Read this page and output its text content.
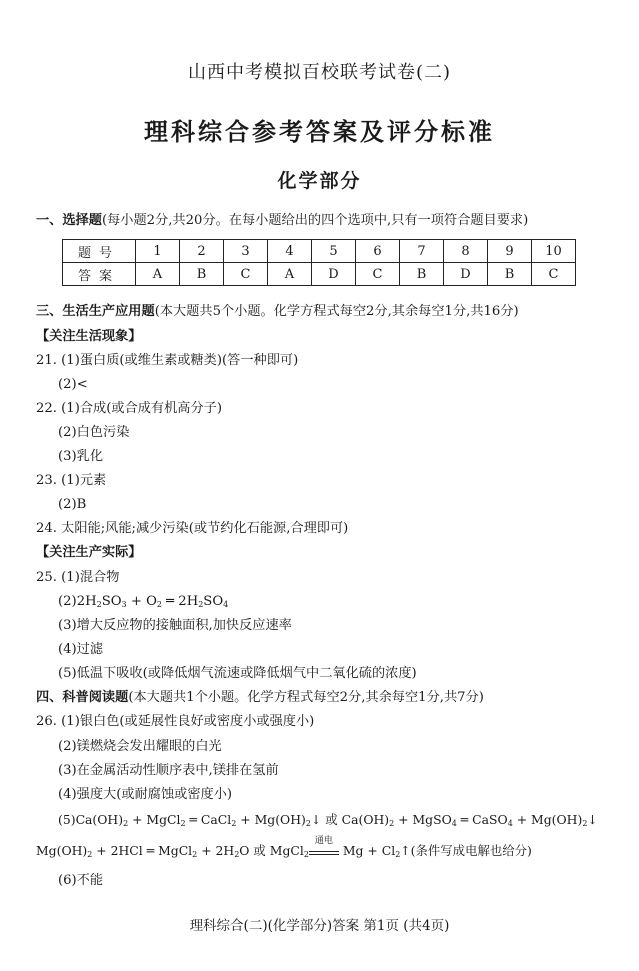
山西中考模拟百校联考试卷(二)
理科综合参考答案及评分标准
化学部分
一、选择题(每小题2分,共20分。在每小题给出的四个选项中,只有一项符合题目要求)
题号	1	2	3	4	5	6	7	8	9	10
答案	A	B	C	A	D	C	B	D	B	C
三、生活生产应用题(本大题共5个小题。化学方程式每空2分,其余每空1分,共16分)
【关注生活现象】
21. (1)蛋白质(或维生素或糖类)(答一种即可)
(2)<
22. (1)合成(或合成有机高分子)
(2)白色污染
(3)乳化
23. (1)元素
(2)B
24. 太阳能;风能;减少污染(或节约化石能源,合理即可)
【关注生产实际】
25. (1)混合物
$(2)2H_2SO_3 + O_2$ ═ $2H_2SO_4$
(3)增大反应物的接触面积,加快反应速率
(4)过滤
(5)低温下吸收(或降低烟气流速或降低烟气中二氧化硫的浓度)
四、科普阅读题(本大题共1个小题。化学方程式每空2分,其余每空1分,共7分)
26. (1)银白色(或延展性良好或密度小或强度小)
(2)镁燃烧会发出耀眼的白光
(3)在金属活动性顺序表中,镁排在氢前
(4)强度大(或耐腐蚀或密度小)
$(5)Ca(OH)_2$ + MgCl$_2$ ═ CaCl$_2$ + $Mg(OH)_2↓$ 或 $Ca(OH)_2$ + MgSO$_4$ ═ CaSO$_4$ + $Mg(OH)_2↓$
$Mg(OH)_2 + 2HCl$ ═ MgCl$_2$ + $2H_2O$ 或 MgCl$_2$
通电
$Mg + Cl_2↑$(条件写成电解也给分)
(6)不能
理科综合(二)(化学部分)答案 第1页 (共4页)
